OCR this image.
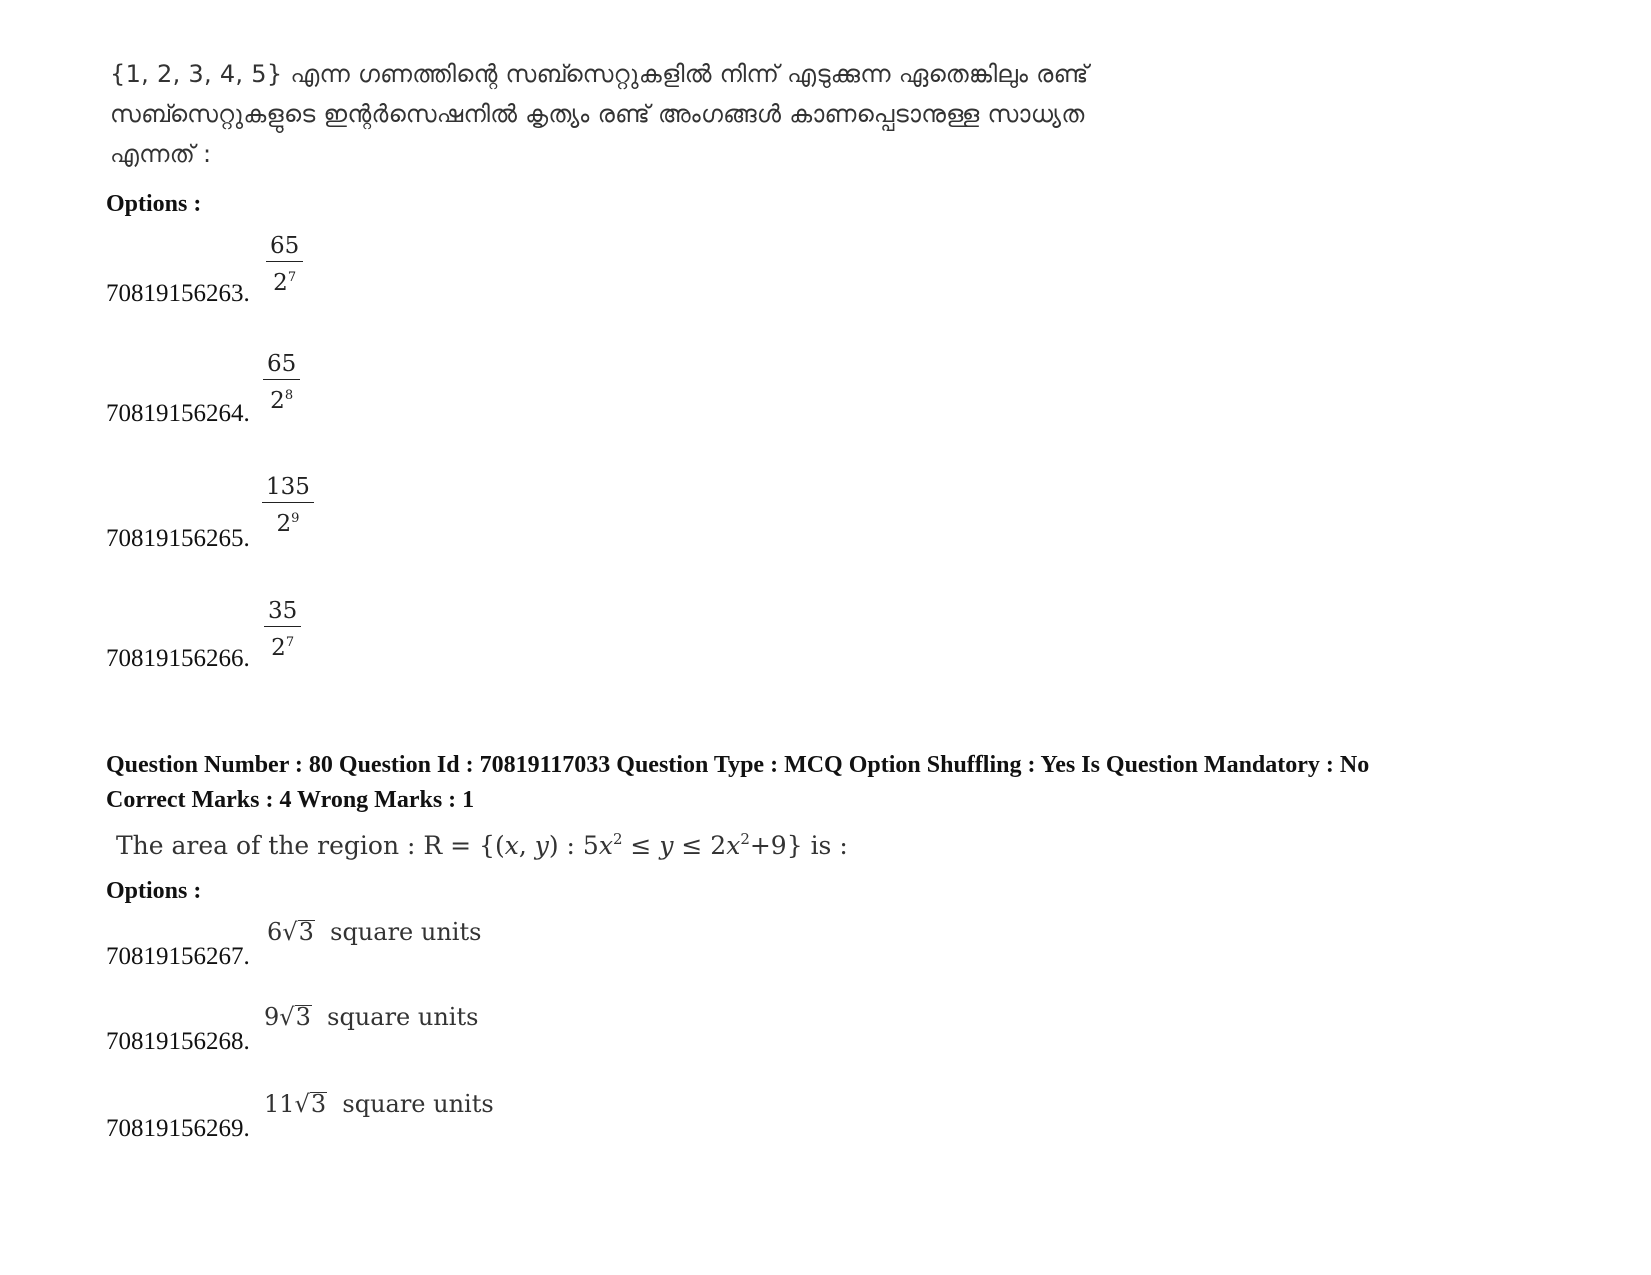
{1, 2, 3, 4, 5} എന്ന ഗണത്തിന്റെ സബ്സെറ്റുകളിൽ നിന്ന് എടുക്കുന്ന ഏതെങ്കിലും രണ്ട്
സബ്സെറ്റുകളുടെ ഇന്റർസെഷനിൽ കൃത്യം രണ്ട് അംഗങ്ങൾ കാണപ്പെടാനുള്ള സാധ്യത
എന്നത് :
Options :
70819156263. $\frac{65}{2^7}$
70819156264. $\frac{65}{2^8}$
70819156265.
$\frac{135}{2^9}$
70819156266. $\frac{35}{2^7}$
Question Number : 80 Question Id : 70819117033 Question Type : MCQ Option Shuffling : Yes Is Question Mandatory : No
Correct Marks : 4 Wrong Marks : 1
The area of the region : R = {(x, y) : $5x^2 \le y \le 2x^2+9$} is :
Options :
70819156267.
6√3 square units
70819156268.
9√3 square units
70819156269.
11√3 square units
